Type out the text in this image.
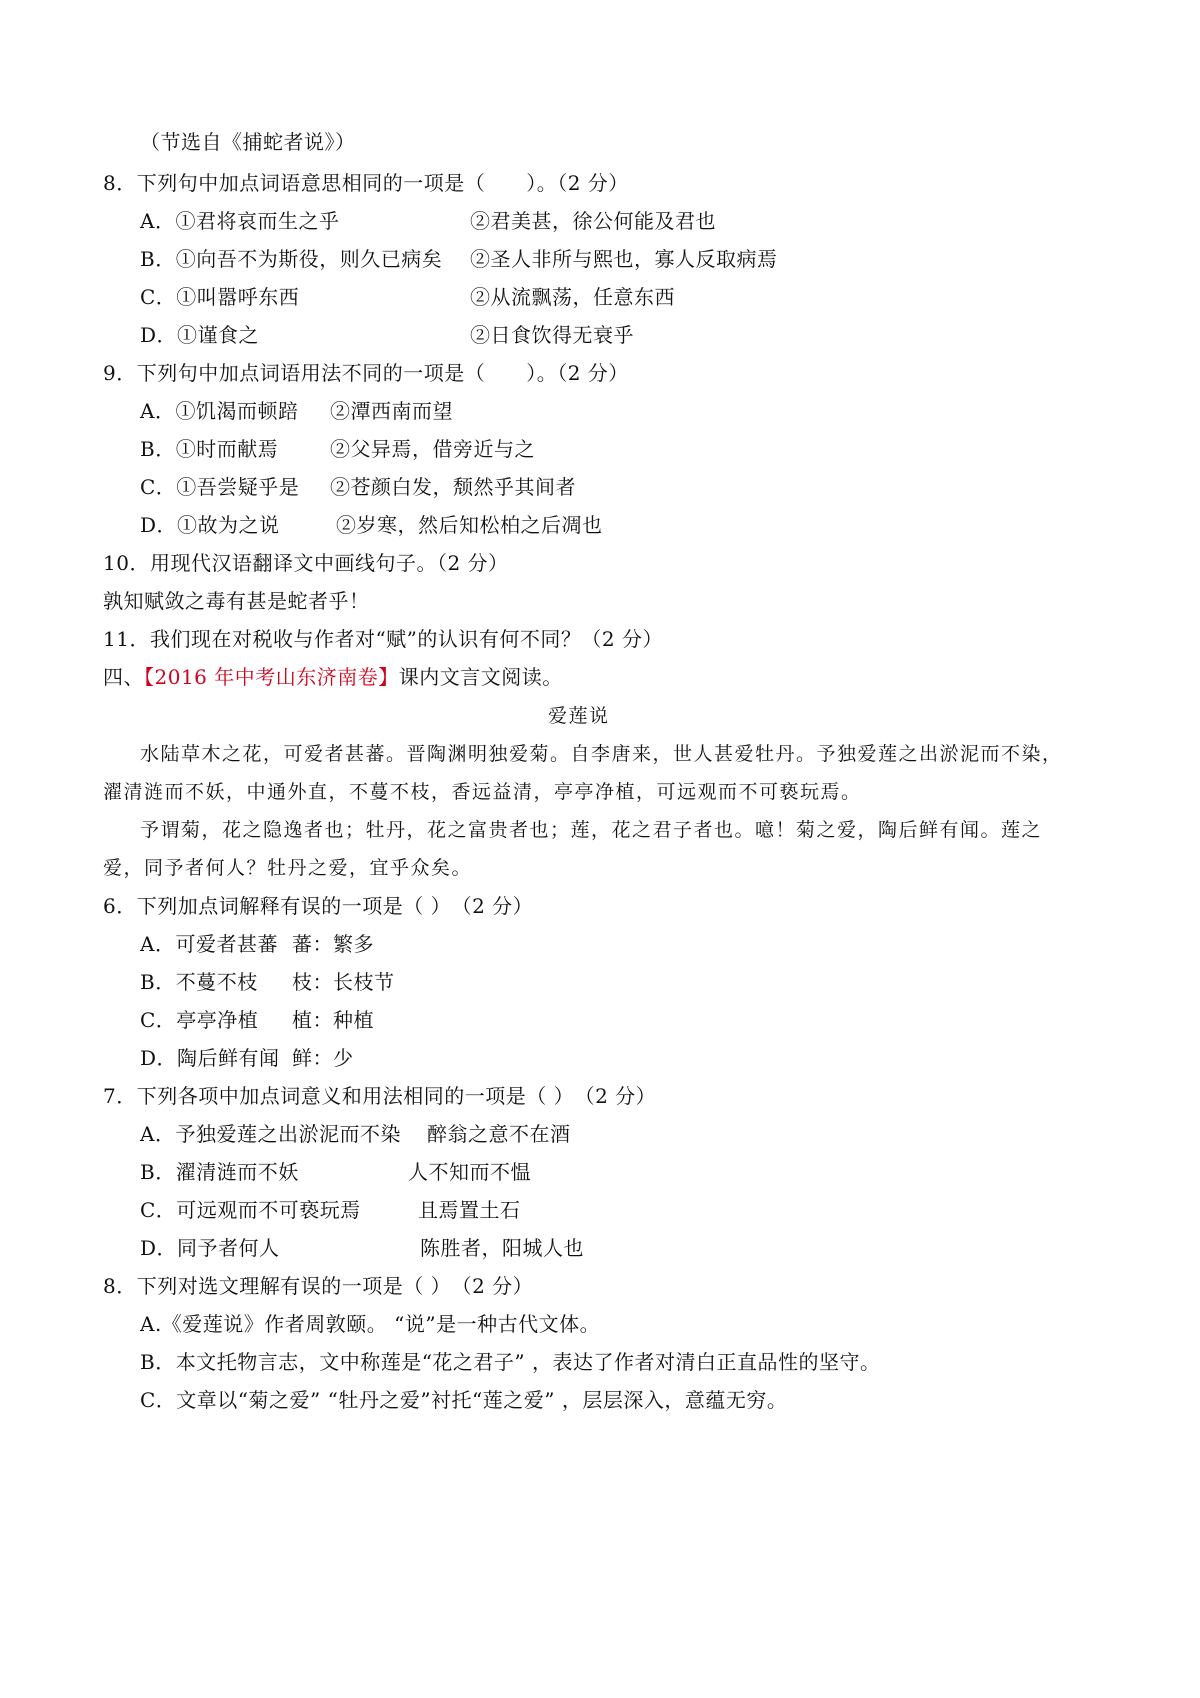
（节选自《捕蛇者说》）
8．下列句中加点词语意思相同的一项是（　　）。（2 分）
A．①君将哀而生之乎	②君美甚，徐公何能及君也
B．①向吾不为斯役，则久已病矣 ②圣人非所与熙也，寡人反取病焉
C．①叫嚣呼东西	②从流飘荡，任意东西
D．①谨食之	②日食饮得无衰乎
9．下列句中加点词语用法不同的一项是（　　）。（2 分）
A．①饥渴而顿踣 ②潭西南而望
B．①时而献焉	②父异焉，借旁近与之
C．①吾尝疑乎是 ②苍颜白发，颓然乎其间者
D．①故为之说	②岁寒，然后知松柏之后凋也
10．用现代汉语翻译文中画线句子。（2 分）
孰知赋敛之毒有甚是蛇者乎！
11．我们现在对税收与作者对“赋”的认识有何不同？（2 分）
四、【2016 年中考山东济南卷】课内文言文阅读。
爱莲说
水陆草木之花，可爱者甚蕃。晋陶渊明独爱菊。自李唐来，世人甚爱牡丹。予独爱莲之出淤泥而不染，
濯清涟而不妖，中通外直，不蔓不枝，香远益清，亭亭净植，可远观而不可亵玩焉。
予谓菊，花之隐逸者也；牡丹，花之富贵者也；莲，花之君子者也。噫！菊之爱，陶后鲜有闻。莲之
爱，同予者何人？牡丹之爱，宜乎众矣。
6．下列加点词解释有误的一项是（ ）　（2 分）
A．可爱者甚蕃 蕃：繁多
B．不蔓不枝 枝：长枝节
C．亭亭净植 植：种植
D．陶后鲜有闻 鲜：少
7．下列各项中加点词意义和用法相同的一项是（ ）　（2 分）
A．予独爱莲之出淤泥而不染 醉翁之意不在酒
B．濯清涟而不妖	人不知而不愠
C．可远观而不可亵玩焉	且焉置土石
D．同予者何人	陈胜者，阳城人也
8．下列对选文理解有误的一项是（ ）　（2 分）
A.《爱莲说》作者周敦颐。 “说”是一种古代文体。
B．本文托物言志，文中称莲是“花之君子” ，表达了作者对清白正直品性的坚守。
C．文章以“菊之爱” “牡丹之爱”衬托“莲之爱” ，层层深入，意蕴无穷。
